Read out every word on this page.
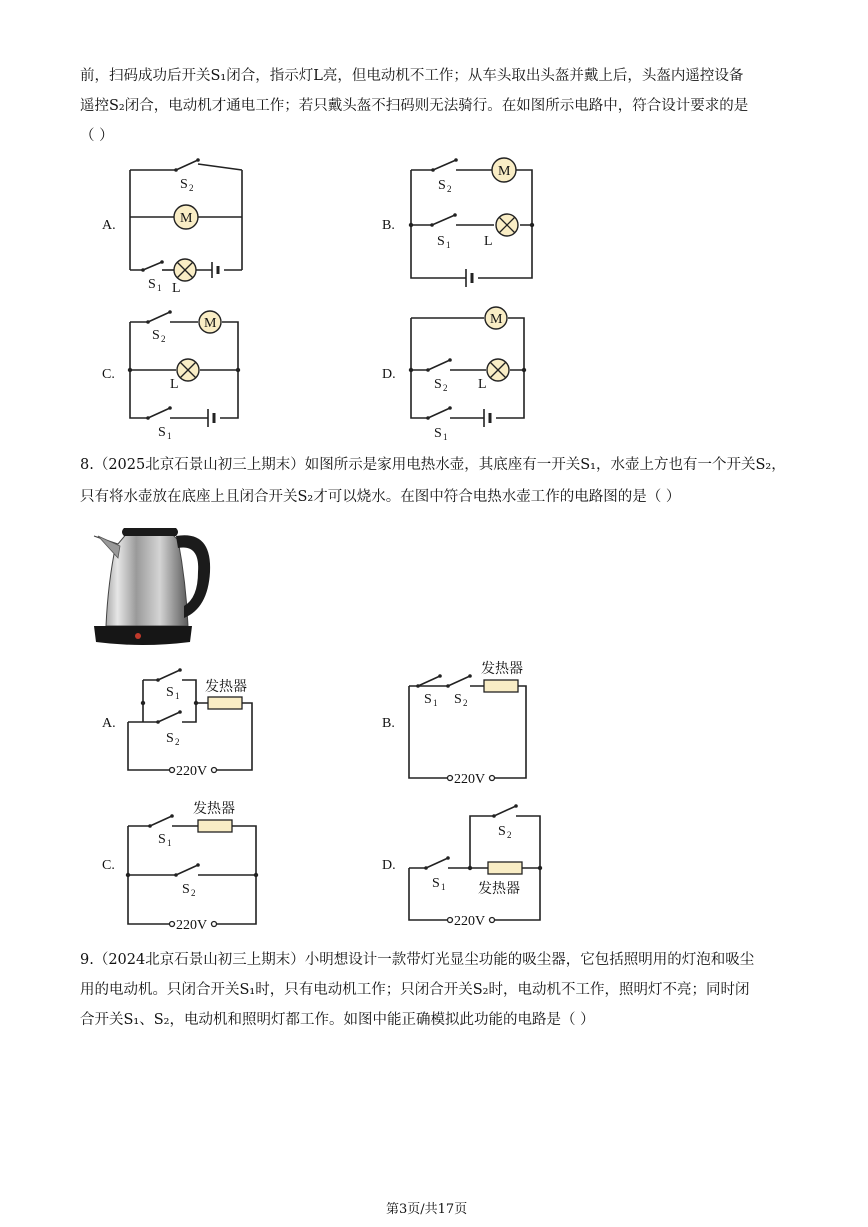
前，扫码成功后开关S₁闭合，指示灯L亮，但电动机不工作；从车头取出头盔并戴上后，头盔内遥控设备
遥控S₂闭合，电动机才通电工作；若只戴头盔不扫码则无法骑行。在如图所示电路中，符合设计要求的是
（ ）
A.	B.
C.	D.
M
S 2
S 1 L
M
S 2
S 1 L
M
S 2
L
S 1
M
S 2 L
S 1
8.（2025北京石景山初三上期末）如图所示是家用电热水壶，其底座有一开关S₁，水壶上方也有一个开关S₂，
只有将水壶放在底座上且闭合开关S₂才可以烧水。在图中符合电热水壶工作的电路图的是（ ）
A.	B.
C.	D.
220V
发热器
S 1
S 2
220V
发热器
S 1 S 2
220V
发热器
S 1
S 2
220V
发热器
S 1
S 2
9.（2024北京石景山初三上期末）小明想设计一款带灯光显尘功能的吸尘器，它包括照明用的灯泡和吸尘
用的电动机。只闭合开关S₁时，只有电动机工作；只闭合开关S₂时，电动机不工作，照明灯不亮；同时闭
合开关S₁、S₂，电动机和照明灯都工作。如图中能正确模拟此功能的电路是（ ）
第3页/共17页
